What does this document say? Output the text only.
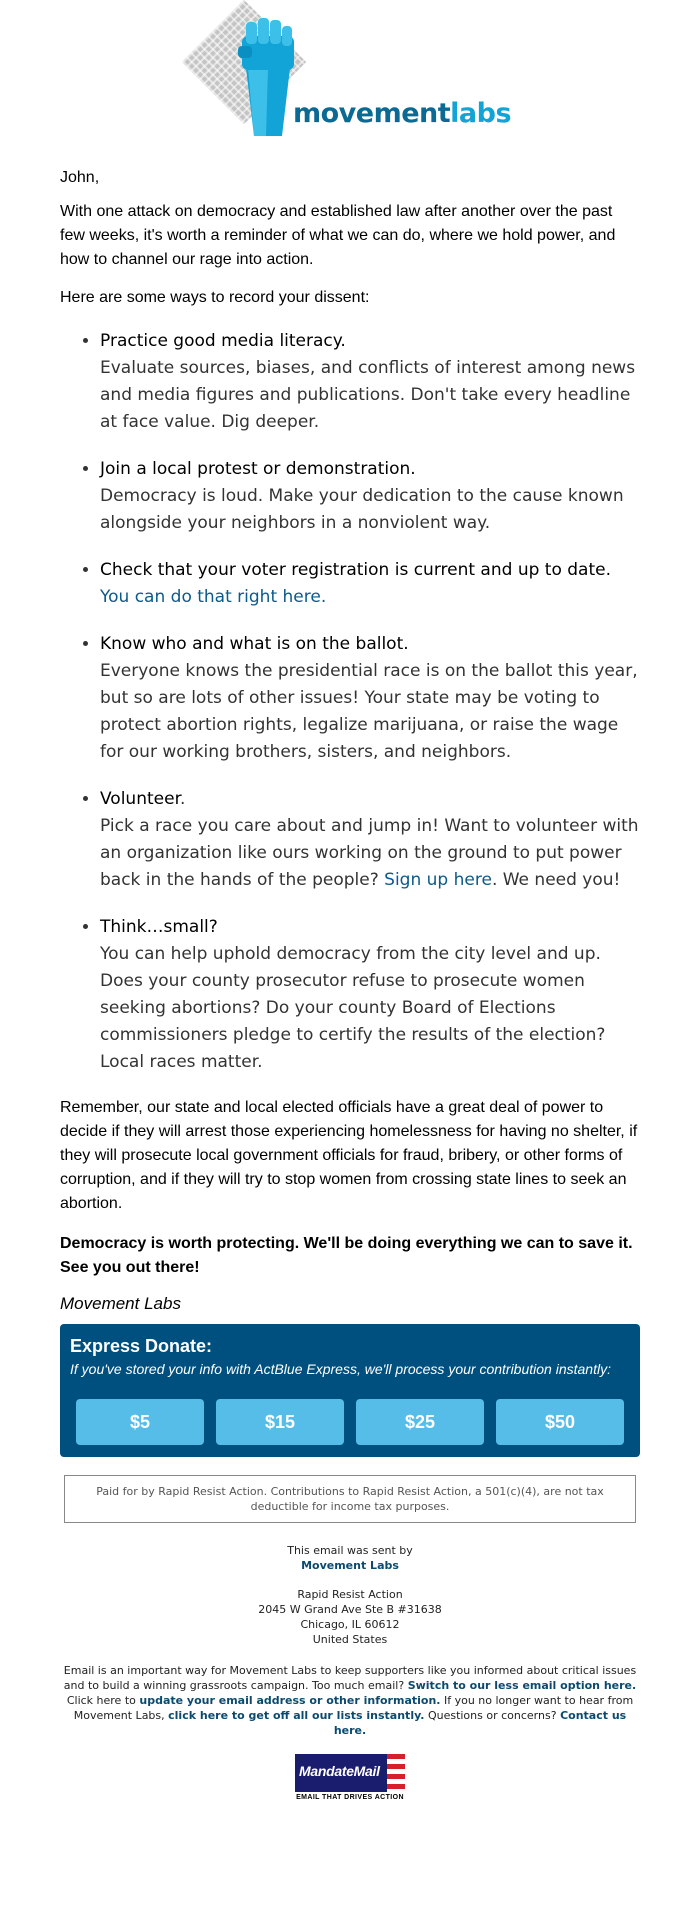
movementlabs

John,

With one attack on democracy and established law after another over the past few weeks, it's worth a reminder of what we can do, where we hold power, and how to channel our rage into action.

Here are some ways to record your dissent:

• Practice good media literacy.
Evaluate sources, biases, and conflicts of interest among news and media figures and publications. Don't take every headline at face value. Dig deeper.
• Join a local protest or demonstration.
Democracy is loud. Make your dedication to the cause known alongside your neighbors in a nonviolent way.
• Check that your voter registration is current and up to date.
You can do that right here.
• Know who and what is on the ballot.
Everyone knows the presidential race is on the ballot this year, but so are lots of other issues! Your state may be voting to protect abortion rights, legalize marijuana, or raise the wage for our working brothers, sisters, and neighbors.
• Volunteer.
Pick a race you care about and jump in! Want to volunteer with an organization like ours working on the ground to put power back in the hands of the people? Sign up here. We need you!
• Think…small?
You can help uphold democracy from the city level and up. Does your county prosecutor refuse to prosecute women seeking abortions? Do your county Board of Elections commissioners pledge to certify the results of the election? Local races matter.

Remember, our state and local elected officials have a great deal of power to decide if they will arrest those experiencing homelessness for having no shelter, if they will prosecute local government officials for fraud, bribery, or other forms of corruption, and if they will try to stop women from crossing state lines to seek an abortion.

Democracy is worth protecting. We'll be doing everything we can to save it. See you out there!

Movement Labs

Express Donate:
If you've stored your info with ActBlue Express, we'll process your contribution instantly:
$5	$15	$25	$50
Paid for by Rapid Resist Action. Contributions to Rapid Resist Action, a 501(c)(4), are not tax deductible for income tax purposes.
This email was sent by
Movement Labs
Rapid Resist Action
2045 W Grand Ave Ste B #31638
Chicago, IL 60612
United States
Email is an important way for Movement Labs to keep supporters like you informed about critical issues and to build a winning grassroots campaign. Too much email? Switch to our less email option here. Click here to update your email address or other information. If you no longer want to hear from Movement Labs, click here to get off all our lists instantly. Questions or concerns? Contact us here.
MandateMail
EMAIL THAT DRIVES ACTION
